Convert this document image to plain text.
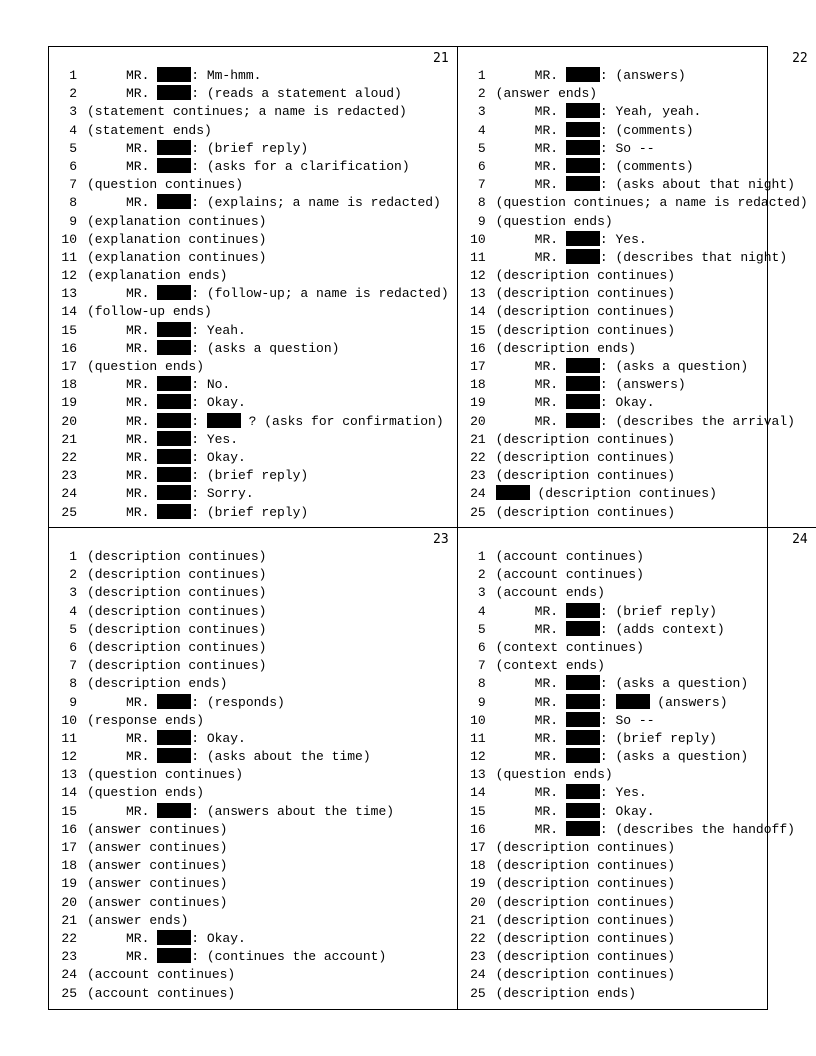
21
1 MR.	: Mm-hmm.
2 MR.	: (reads a statement aloud)
3 (statement continues; a name is redacted)
4 (statement ends)
5 MR.	: (brief reply)
6 MR.	: (asks for a clarification)
7 (question continues)
8 MR.	: (explains; a name is redacted)
9 (explanation continues)
10 (explanation continues)
11 (explanation continues)
12 (explanation ends)
13 MR.	: (follow-up; a name is redacted)
14 (follow-up ends)
15 MR.	: Yeah.
16 MR.	: (asks a question)
17 (question ends)
18 MR.	: No.
19 MR.	: Okay.
20 MR.	:	? (asks for confirmation)
21 MR.	: Yes.
22 MR.	: Okay.
23 MR.	: (brief reply)
24 MR.	: Sorry.
25 MR.	: (brief reply)
22
1 MR.	: (answers)
2 (answer ends)
3 MR.	: Yeah, yeah.
4 MR.	: (comments)
5 MR.	: So --
6 MR.	: (comments)
7 MR.	: (asks about that night)
8 (question continues; a name is redacted)
9 (question ends)
10 MR.	: Yes.
11 MR.	: (describes that night)
12 (description continues)
13 (description continues)
14 (description continues)
15 (description continues)
16 (description ends)
17 MR.	: (asks a question)
18 MR.	: (answers)
19 MR.	: Okay.
20 MR.	: (describes the arrival)
21 (description continues)
22 (description continues)
23 (description continues)
24	(description continues)
25 (description continues)
23
1 (description continues)
2 (description continues)
3 (description continues)
4 (description continues)
5 (description continues)
6 (description continues)
7 (description continues)
8 (description ends)
9 MR.	: (responds)
10 (response ends)
11 MR.	: Okay.
12 MR.	: (asks about the time)
13 (question continues)
14 (question ends)
15 MR.	: (answers about the time)
16 (answer continues)
17 (answer continues)
18 (answer continues)
19 (answer continues)
20 (answer continues)
21 (answer ends)
22 MR.	: Okay.
23 MR.	: (continues the account)
24 (account continues)
25 (account continues)
24
1 (account continues)
2 (account continues)
3 (account ends)
4 MR.	: (brief reply)
5 MR.	: (adds context)
6 (context continues)
7 (context ends)
8 MR.	: (asks a question)
9 MR.	:	(answers)
10 MR.	: So --
11 MR.	: (brief reply)
12 MR.	: (asks a question)
13 (question ends)
14 MR.	: Yes.
15 MR.	: Okay.
16 MR.	: (describes the handoff)
17 (description continues)
18 (description continues)
19 (description continues)
20 (description continues)
21 (description continues)
22 (description continues)
23 (description continues)
24 (description continues)
25 (description ends)
